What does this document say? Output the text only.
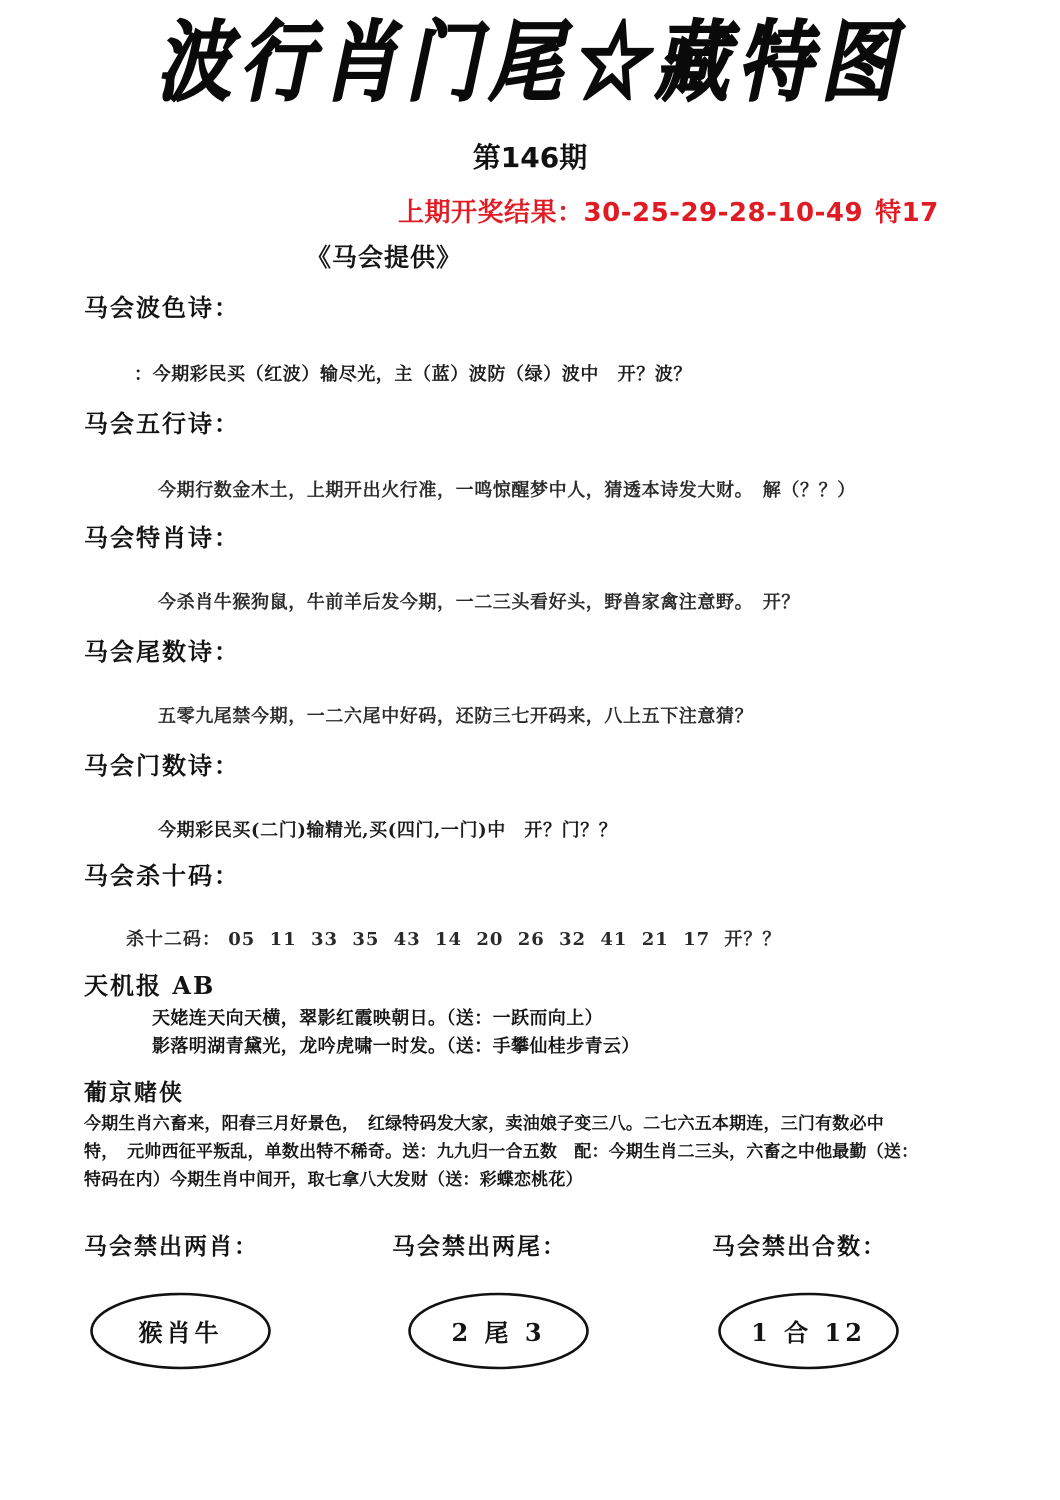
波行肖门尾☆藏特图
第146期
上期开奖结果：30-25-29-28-10-49 特17
《马会提供》
马会波色诗：
：今期彩民买（红波）输尽光，主（蓝）波防（绿）波中　开？波？
马会五行诗：
今期行数金木土，上期开出火行准，一鸣惊醒梦中人，猜透本诗发大财。　解（？？）
马会特肖诗：
今杀肖牛猴狗鼠，牛前羊后发今期，一二三头看好头，野兽家禽注意野。　开？
马会尾数诗：
五零九尾禁今期，一二六尾中好码，还防三七开码来，八上五下注意猜？
马会门数诗：
今期彩民买(二门)输精光,买(四门,一门)中　开？门？？
马会杀十码：
杀十二码： 05 11 33 35 43 14 20 26 32 41 21 17 开？？
天机报 AB
天姥连天向天横，翠影红霞映朝日。（送：一跃而向上）
影落明湖青黛光，龙吟虎啸一时发。（送：手攀仙桂步青云）
葡京赌侠
今期生肖六畜来，阳春三月好景色，　红绿特码发大家，卖油娘子变三八。二七六五本期连，三门有数必中
特，　元帅西征平叛乱，单数出特不稀奇。送：九九归一合五数　配：今期生肖二三头，六畜之中他最勤（送：
特码在内）今期生肖中间开，取七拿八大发财（送：彩蝶恋桃花）
马会禁出两肖：
猴肖牛
马会禁出两尾：
2 尾 3
马会禁出合数：
1 合 12
